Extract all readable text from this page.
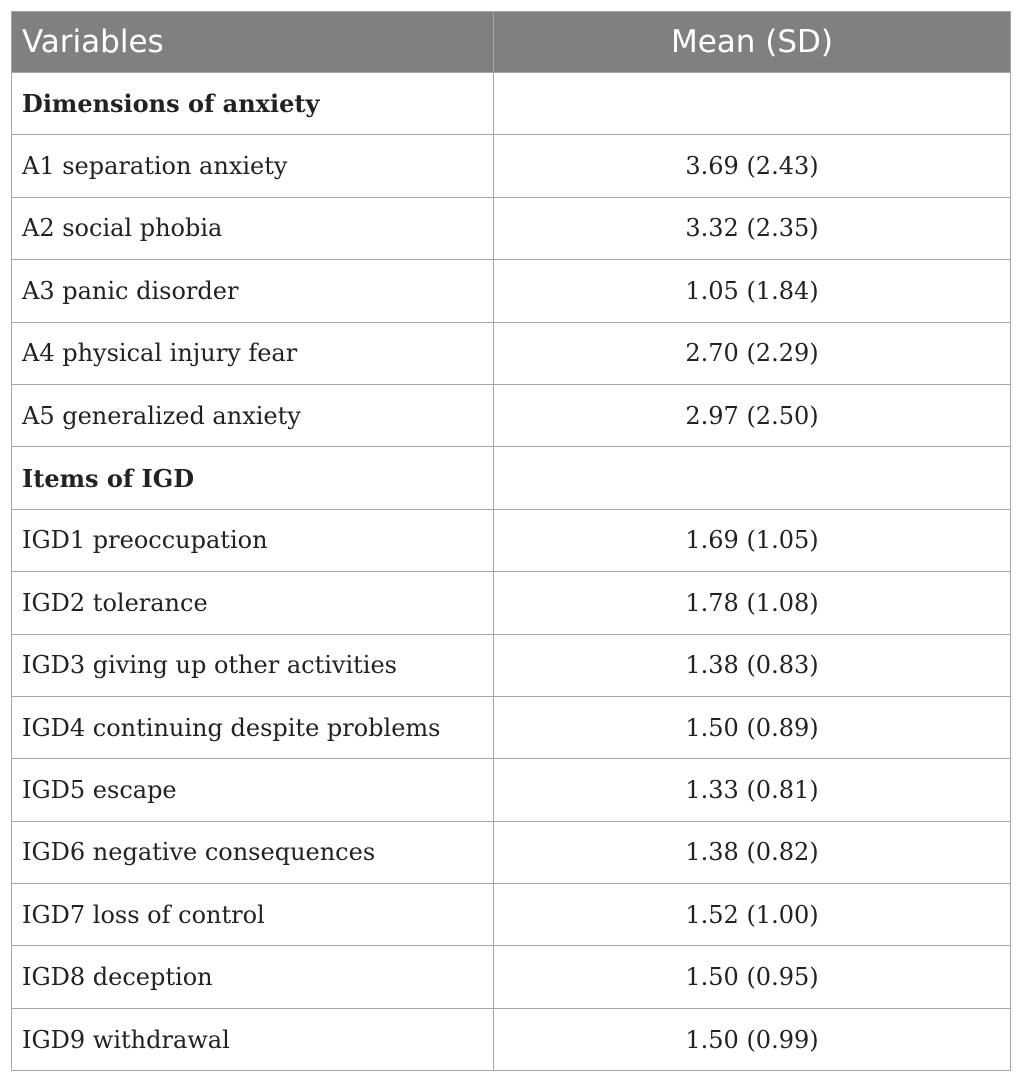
Variables	Mean (SD)
Dimensions of anxiety	
A1 separation anxiety	3.69 (2.43)
A2 social phobia	3.32 (2.35)
A3 panic disorder	1.05 (1.84)
A4 physical injury fear	2.70 (2.29)
A5 generalized anxiety	2.97 (2.50)
Items of IGD	
IGD1 preoccupation	1.69 (1.05)
IGD2 tolerance	1.78 (1.08)
IGD3 giving up other activities	1.38 (0.83)
IGD4 continuing despite problems	1.50 (0.89)
IGD5 escape	1.33 (0.81)
IGD6 negative consequences	1.38 (0.82)
IGD7 loss of control	1.52 (1.00)
IGD8 deception	1.50 (0.95)
IGD9 withdrawal	1.50 (0.99)
